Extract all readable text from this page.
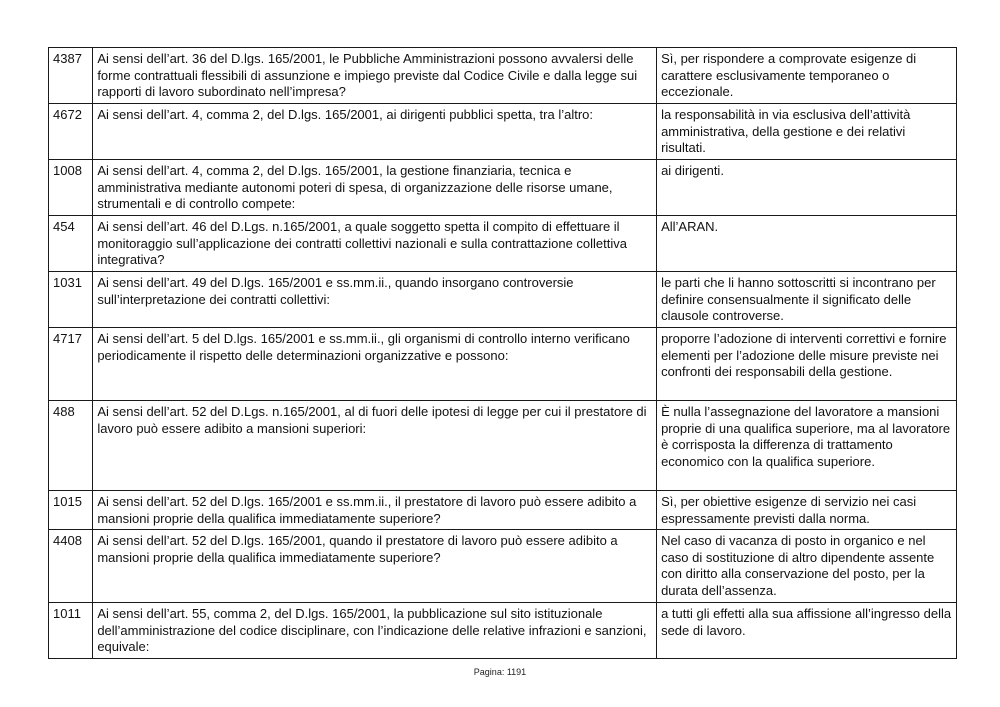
4387	Ai sensi dell’art. 36 del D.lgs. 165/2001, le Pubbliche Amministrazioni possono avvalersi delle forme contrattuali flessibili di assunzione e impiego previste dal Codice Civile e dalla legge sui rapporti di lavoro subordinato nell’impresa?	Sì, per rispondere a comprovate esigenze di carattere esclusivamente temporaneo o eccezionale.
4672	Ai sensi dell’art. 4, comma 2, del D.lgs. 165/2001, ai dirigenti pubblici spetta, tra l’altro:	la responsabilità in via esclusiva dell’attività amministrativa, della gestione e dei relativi risultati.
1008	Ai sensi dell’art. 4, comma 2, del D.lgs. 165/2001, la gestione finanziaria, tecnica e amministrativa mediante autonomi poteri di spesa, di organizzazione delle risorse umane, strumentali e di controllo compete:	ai dirigenti.
454	Ai sensi dell’art. 46 del D.Lgs. n.165/2001, a quale soggetto spetta il compito di effettuare il monitoraggio sull’applicazione dei contratti collettivi nazionali e sulla contrattazione collettiva integrativa?	All’ARAN.
1031	Ai sensi dell’art. 49 del D.lgs. 165/2001 e ss.mm.ii., quando insorgano controversie sull’interpretazione dei contratti collettivi:	le parti che li hanno sottoscritti si incontrano per definire consensualmente il significato delle clausole controverse.
4717	Ai sensi dell’art. 5 del D.lgs. 165/2001 e ss.mm.ii., gli organismi di controllo interno verificano periodicamente il rispetto delle determinazioni organizzative e possono:	proporre l’adozione di interventi correttivi e fornire elementi per l’adozione delle misure previste nei confronti dei responsabili della gestione.
488	Ai sensi dell’art. 52 del D.Lgs. n.165/2001, al di fuori delle ipotesi di legge per cui il prestatore di lavoro può essere adibito a mansioni superiori:	È nulla l’assegnazione del lavoratore a mansioni proprie di una qualifica superiore, ma al lavoratore è corrisposta la differenza di trattamento economico con la qualifica superiore.
1015	Ai sensi dell’art. 52 del D.lgs. 165/2001 e ss.mm.ii., il prestatore di lavoro può essere adibito a mansioni proprie della qualifica immediatamente superiore?	Sì, per obiettive esigenze di servizio nei casi espressamente previsti dalla norma.
4408	Ai sensi dell’art. 52 del D.lgs. 165/2001, quando il prestatore di lavoro può essere adibito a mansioni proprie della qualifica immediatamente superiore?	Nel caso di vacanza di posto in organico e nel caso di sostituzione di altro dipendente assente con diritto alla conservazione del posto, per la durata dell’assenza.
1011	Ai sensi dell’art. 55, comma 2, del D.lgs. 165/2001, la pubblicazione sul sito istituzionale dell’amministrazione del codice disciplinare, con l’indicazione delle relative infrazioni e sanzioni, equivale:	a tutti gli effetti alla sua affissione all’ingresso della sede di lavoro.
Pagina: 1191
